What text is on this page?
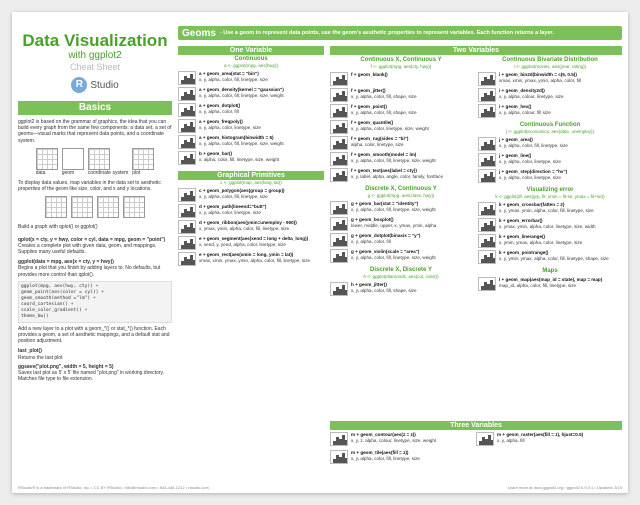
Data Visualization
with ggplot2
Cheat Sheet
R Studio
Basics
ggplot2 is based on the grammar of graphics, the idea that you can build every graph from the same few components: a data set, a set of geoms—visual marks that represent data points, and a coordinate system.
data	geom	coordinate system plot
To display data values, map variables in the data set to aesthetic properties of the geom like size, color, and x and y locations.
Build a graph with qplot() or ggplot()
qplot(x = cty, y = hwy, color = cyl, data = mpg, geom = "point")
Creates a complete plot with given data, geom, and mappings. Supplies many useful defaults.
ggplot(data = mpg, aes(x = cty, y = hwy))
Begins a plot that you finish by adding layers to. No defaults, but provides more control than qplot().
ggplot(mpg, aes(hwy, cty)) +
geom_point(aes(color = cyl)) +
geom_smooth(method ="lm") +
coord_cartesian() +
scale_color_gradient() +
theme_bw()
Add a new layer to a plot with a geom_*() or stat_*() function. Each provides a geom, a set of aesthetic mappings, and a default stat and position adjustment.
last_plot()
Returns the last plot
ggsave("plot.png", width = 5, height = 5)
Saves last plot as 5' x 5' file named "plot.png" in working directory. Matches file type to file extension.
Geoms - Use a geom to represent data points, use the geom's aesthetic properties to represent variables. Each function returns a layer.
One Variable
Continuous
a <- ggplot(mpg, aes(hwy))
a + geom_area(stat = "bin")
x, y, alpha, color, fill, linetype, size
a + geom_density(kernel = "gaussian")
x, y, alpha, color, fill, linetype, size, weight
a + geom_dotplot()
x, y, alpha, color, fill
a + geom_freqpoly()
x, y, alpha, color, linetype, size
a + geom_histogram(binwidth = 5)
x, y, alpha, color, fill, linetype, size, weight
b + geom_bar()
x, alpha, color, fill, linetype, size, weight
Graphical Primitives
c <- ggplot(map, aes(long, lat))
c + geom_polygon(aes(group = group))
x, y, alpha, color, fill, linetype, size
d + geom_path(lineend="butt")
x, y, alpha, color, linetype, size
d + geom_ribbon(aes(ymin=unemploy - 900))
x, ymax, ymin, alpha, color, fill, linetype, size
e + geom_segment(aes(xend = long + delta_long))
x, xend, y, yend, alpha, color, linetype, size
e + geom_rect(aes(xmin = long, ymin = lat))
xmax, xmin, ymax, ymin, alpha, color, fill, linetype, size
Two Variables
Continuous X, Continuous Y
f <- ggplot(mpg, aes(cty, hwy))
f + geom_blank()

f + geom_jitter()
x, y, alpha, color, fill, shape, size
f + geom_point()
x, y, alpha, color, fill, shape, size
f + geom_quantile()
x, y, alpha, color, linetype, size, weight
f + geom_rug(sides = "bl")
alpha, color, linetype, size
f + geom_smooth(model = lm)
x, y, alpha, color, fill, linetype, size, weight
f + geom_text(aes(label = cty))
x, y, label, alpha, angle, color, family, fontface
Discrete X, Continuous Y
g <- ggplot(mpg, aes(class, hwy))
g + geom_bar(stat = "identity")
x, y, alpha, color, fill, linetype, size, weight
g + geom_boxplot()
lower, middle, upper, x, ymax, ymin, alpha
g + geom_dotplot(binaxis = "y")
x, y, alpha, color, fill
g + geom_violin(scale = "area")
x, y, alpha, color, fill, linetype, size, weight
Discrete X, Discrete Y
h <- ggplot(diamonds, aes(cut, color))
h + geom_jitter()
x, y, alpha, color, fill, shape, size
Continuous Bivariate Distribution
i <- ggplot(movies, aes(year, rating))
i + geom_bin2d(binwidth = c(5, 0.5))
xmax, xmin, ymax, ymin, alpha, color, fill
i + geom_density2d()
x, y, alpha, colour, linetype, size
i + geom_hex()
x, y, alpha, colour, fill size
Continuous Function
j <- ggplot(economics, aes(date, unemploy))
j + geom_area()
x, y, alpha, color, fill, linetype, size
j + geom_line()
x, y, alpha, color, linetype, size
j + geom_step(direction = "hv")
x, y, alpha, color, linetype, size
Visualizing error
k <- ggplot(df, aes(grp, fit, ymin = fit-se, ymax = fit+se))
k + geom_crossbar(fatten = 2)
x, y, ymax, ymin, alpha, color, fill, linetype, size
k + geom_errorbar()
x, ymax, ymin, alpha, color, linetype, size, width
k + geom_linerange()
x, ymin, ymax, alpha, color, linetype, size
k + geom_pointrange()
x, y, ymin, ymax, alpha, color, fill, linetype, shape, size
Maps
l + geom_map(aes(map_id = state), map = map)
map_id, alpha, color, fill, linetype, size
Three Variables
m + geom_contour(aes(z = z))
x, y, z, alpha, colour, linetype, size, weight
m + geom_raster(aes(fill = z), hjust=0.5)
x, y, alpha, fill
m + geom_tile(aes(fill = z))
x, y, alpha, color, fill, linetype, size
RStudio® is a trademark of RStudio, Inc. • CC BY RStudio • info@rstudio.com • 844-448-1212 • rstudio.com	Learn more at docs.ggplot2.org • ggplot2 0.9.3.1 • Updated: 3/15
